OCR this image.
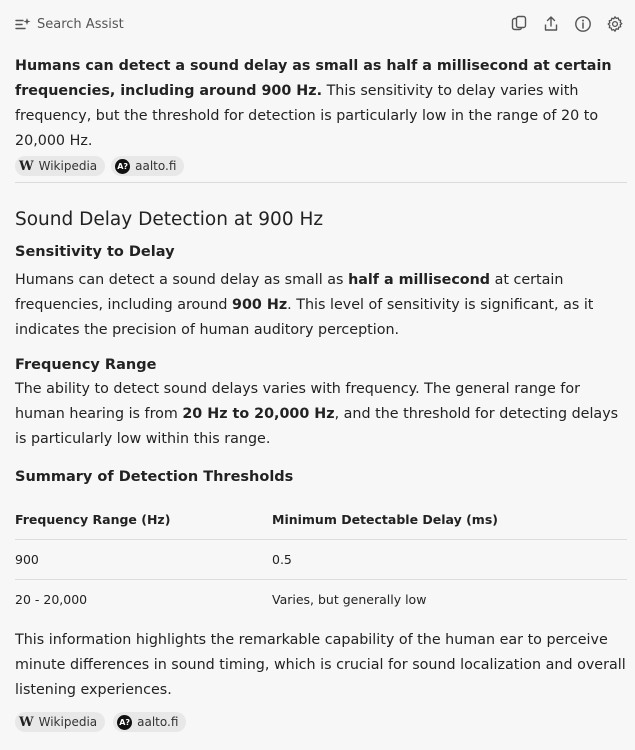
Search Assist

Humans can detect a sound delay as small as half a millisecond at certain frequencies, including around 900 Hz. This sensitivity to delay varies with frequency, but the threshold for detection is particularly low in the range of 20 to 20,000 Hz.

W Wikipedia	A? aalto.fi
Sound Delay Detection at 900 Hz
Sensitivity to Delay

Humans can detect a sound delay as small as half a millisecond at certain frequencies, including around 900 Hz. This level of sensitivity is significant, as it indicates the precision of human auditory perception.

Frequency Range

The ability to detect sound delays varies with frequency. The general range for human hearing is from 20 Hz to 20,000 Hz, and the threshold for detecting delays is particularly low within this range.

Summary of Detection Thresholds
Frequency Range (Hz)	Minimum Detectable Delay (ms)
900	0.5
20 - 20,000	Varies, but generally low

This information highlights the remarkable capability of the human ear to perceive minute differences in sound timing, which is crucial for sound localization and overall listening experiences.

W Wikipedia	A? aalto.fi
